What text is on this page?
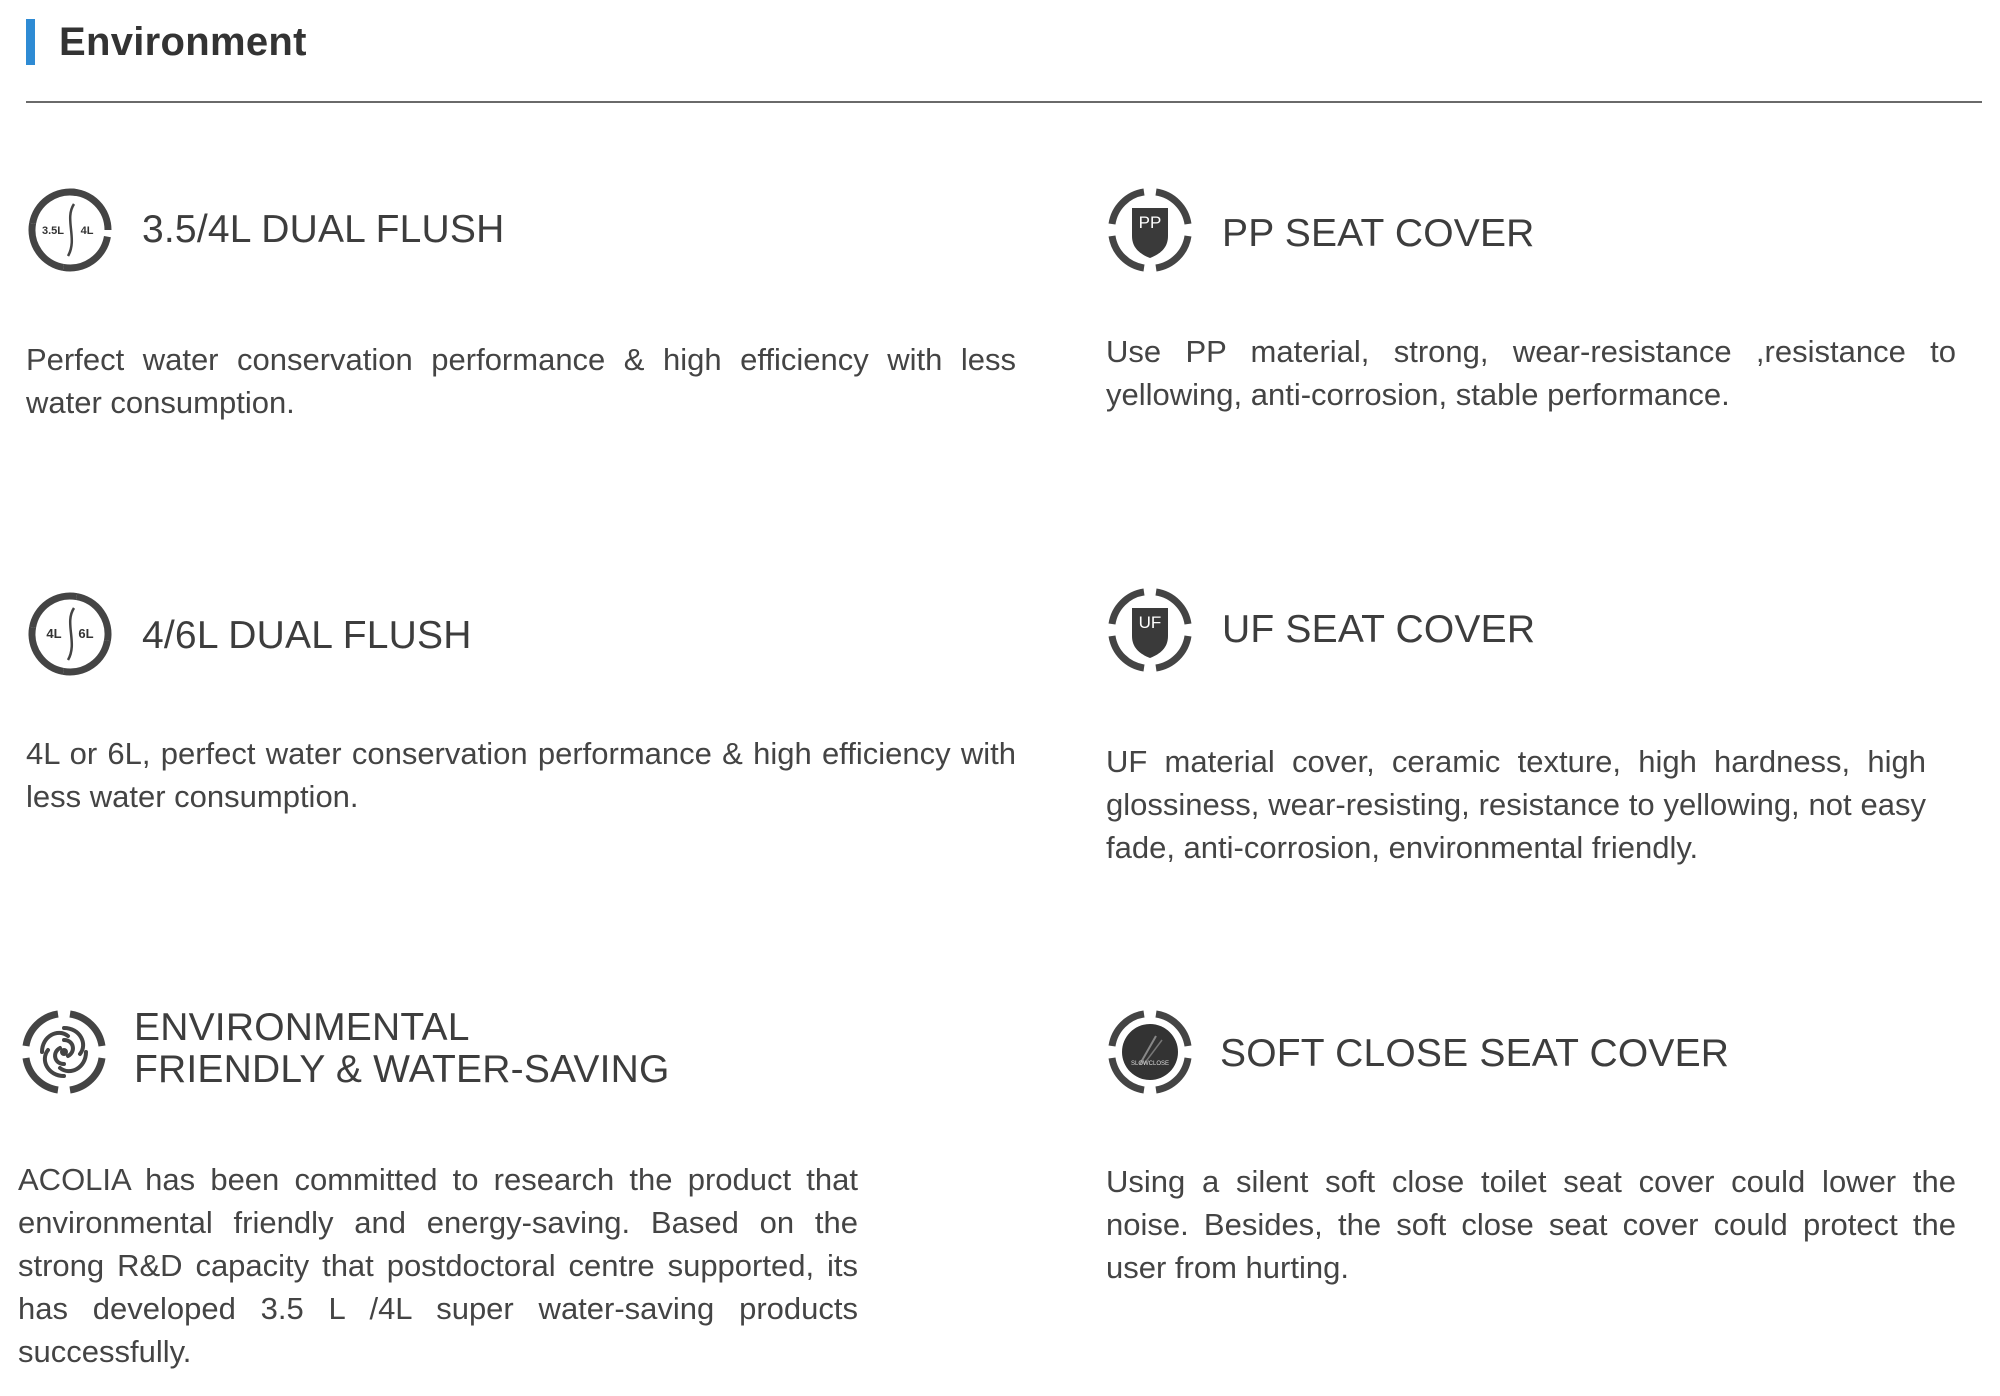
Environment
3.5L 4L 3.5/4L DUAL FLUSH
Perfect water conservation performance & high efficiency with less water consumption.
PP PP SEAT COVER
Use PP material, strong, wear-resistance ,resistance to yellowing, anti-corrosion, stable performance.
4L 6L 4/6L DUAL FLUSH
4L or 6L, perfect water conservation performance & high efficiency with less water consumption.
UF UF SEAT COVER
UF material cover, ceramic texture, high hardness, high glossiness, wear-resisting, resistance to yellowing, not easy fade, anti-corrosion, environmental friendly.
ENVIRONMENTAL
FRIENDLY & WATER-SAVING
ACOLIA has been committed to research the product that environmental friendly and energy-saving. Based on the strong R&D capacity that postdoctoral centre supported, its has developed 3.5 L /4L super water-saving products successfully.
SLOWCLOSE SOFT CLOSE SEAT COVER
Using a silent soft close toilet seat cover could lower the noise. Besides, the soft close seat cover could protect the user from hurting.
